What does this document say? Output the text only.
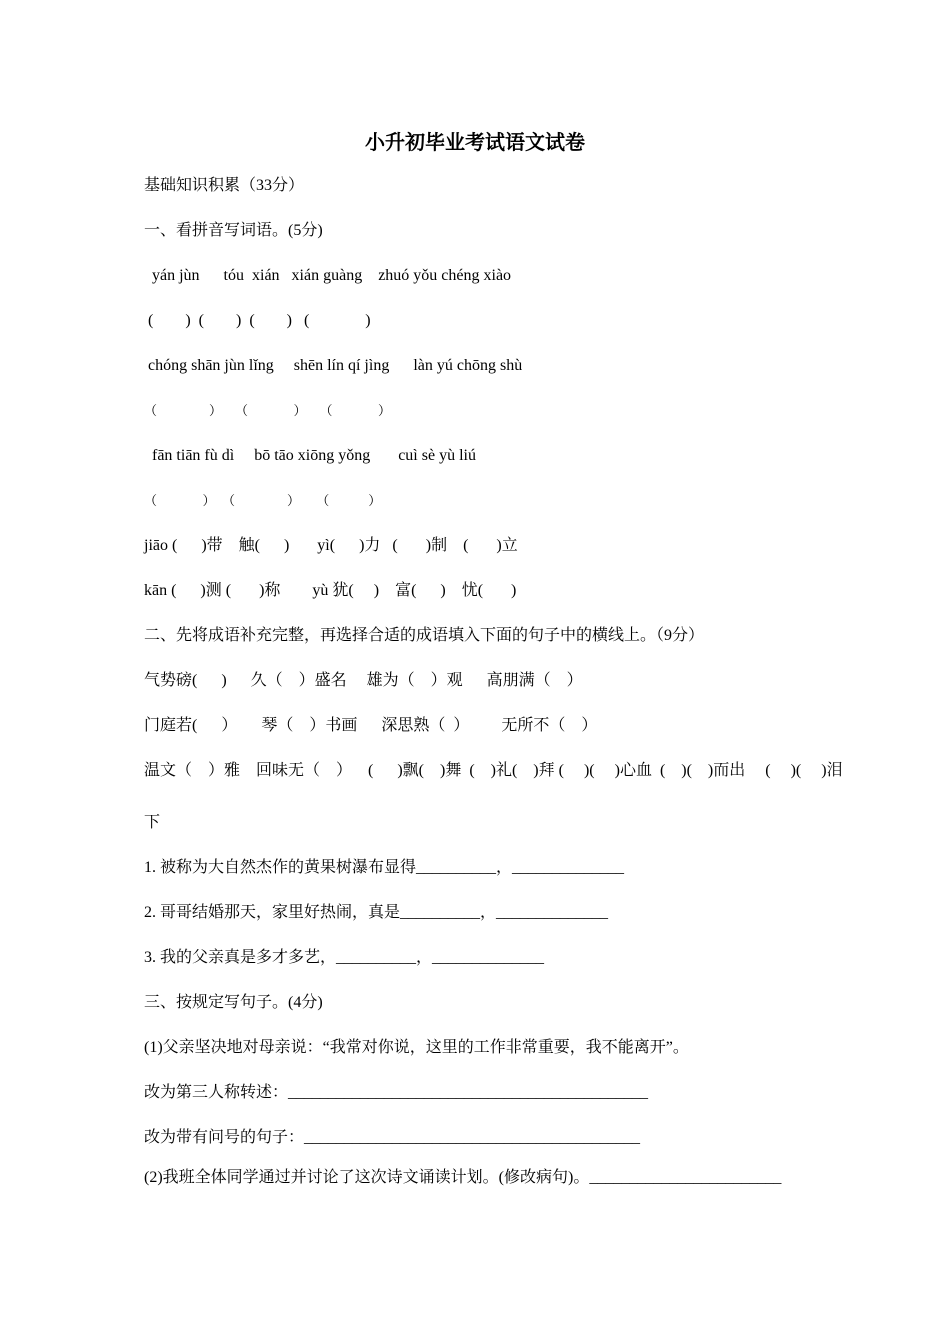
小升初毕业考试语文试卷
基础知识积累（33分）
一、看拼音写词语。(5分)
yán jùn      tóu  xián   xián guàng    zhuó yǒu chéng xiào
(        )  (        )  (        )   (              )
chóng shān jùn lǐng     shēn lín qí jìng      làn yú chōng shù
（                ）    （              ）    （              ）
fān tiān fù dì     bō tāo xiōng yǒng       cuì sè yù liú
（              ）  （                ）     （            ）
jiāo (      )带    触(      )       yì(      )力   (       )制    (       )立
kān (      )测 (       )称        yù 犹(     )    富(      )    忧(       )
二、先将成语补充完整，再选择合适的成语填入下面的句子中的横线上。（9分）
气势磅(      )      久（    ）盛名     雄为（    ）观      高朋满（    ）
门庭若(      ）      琴（    ）书画      深思熟（  ）        无所不（    ）
温文（    ）雅    回味无（    ）    (      )飘(    )舞  (    )礼(    )拜 (     )(     )心血  (    )(    )而出     (     )(     )泪
下
1. 被称为大自然杰作的黄果树瀑布显得__________，______________
2. 哥哥结婚那天，家里好热闹，真是__________，______________
3. 我的父亲真是多才多艺，__________，______________
三、按规定写句子。(4分)
(1)父亲坚决地对母亲说：“我常对你说，这里的工作非常重要，我不能离开”。
改为第三人称转述：_____________________________________________
改为带有问号的句子：__________________________________________
(2)我班全体同学通过并讨论了这次诗文诵读计划。(修改病句)。________________________
